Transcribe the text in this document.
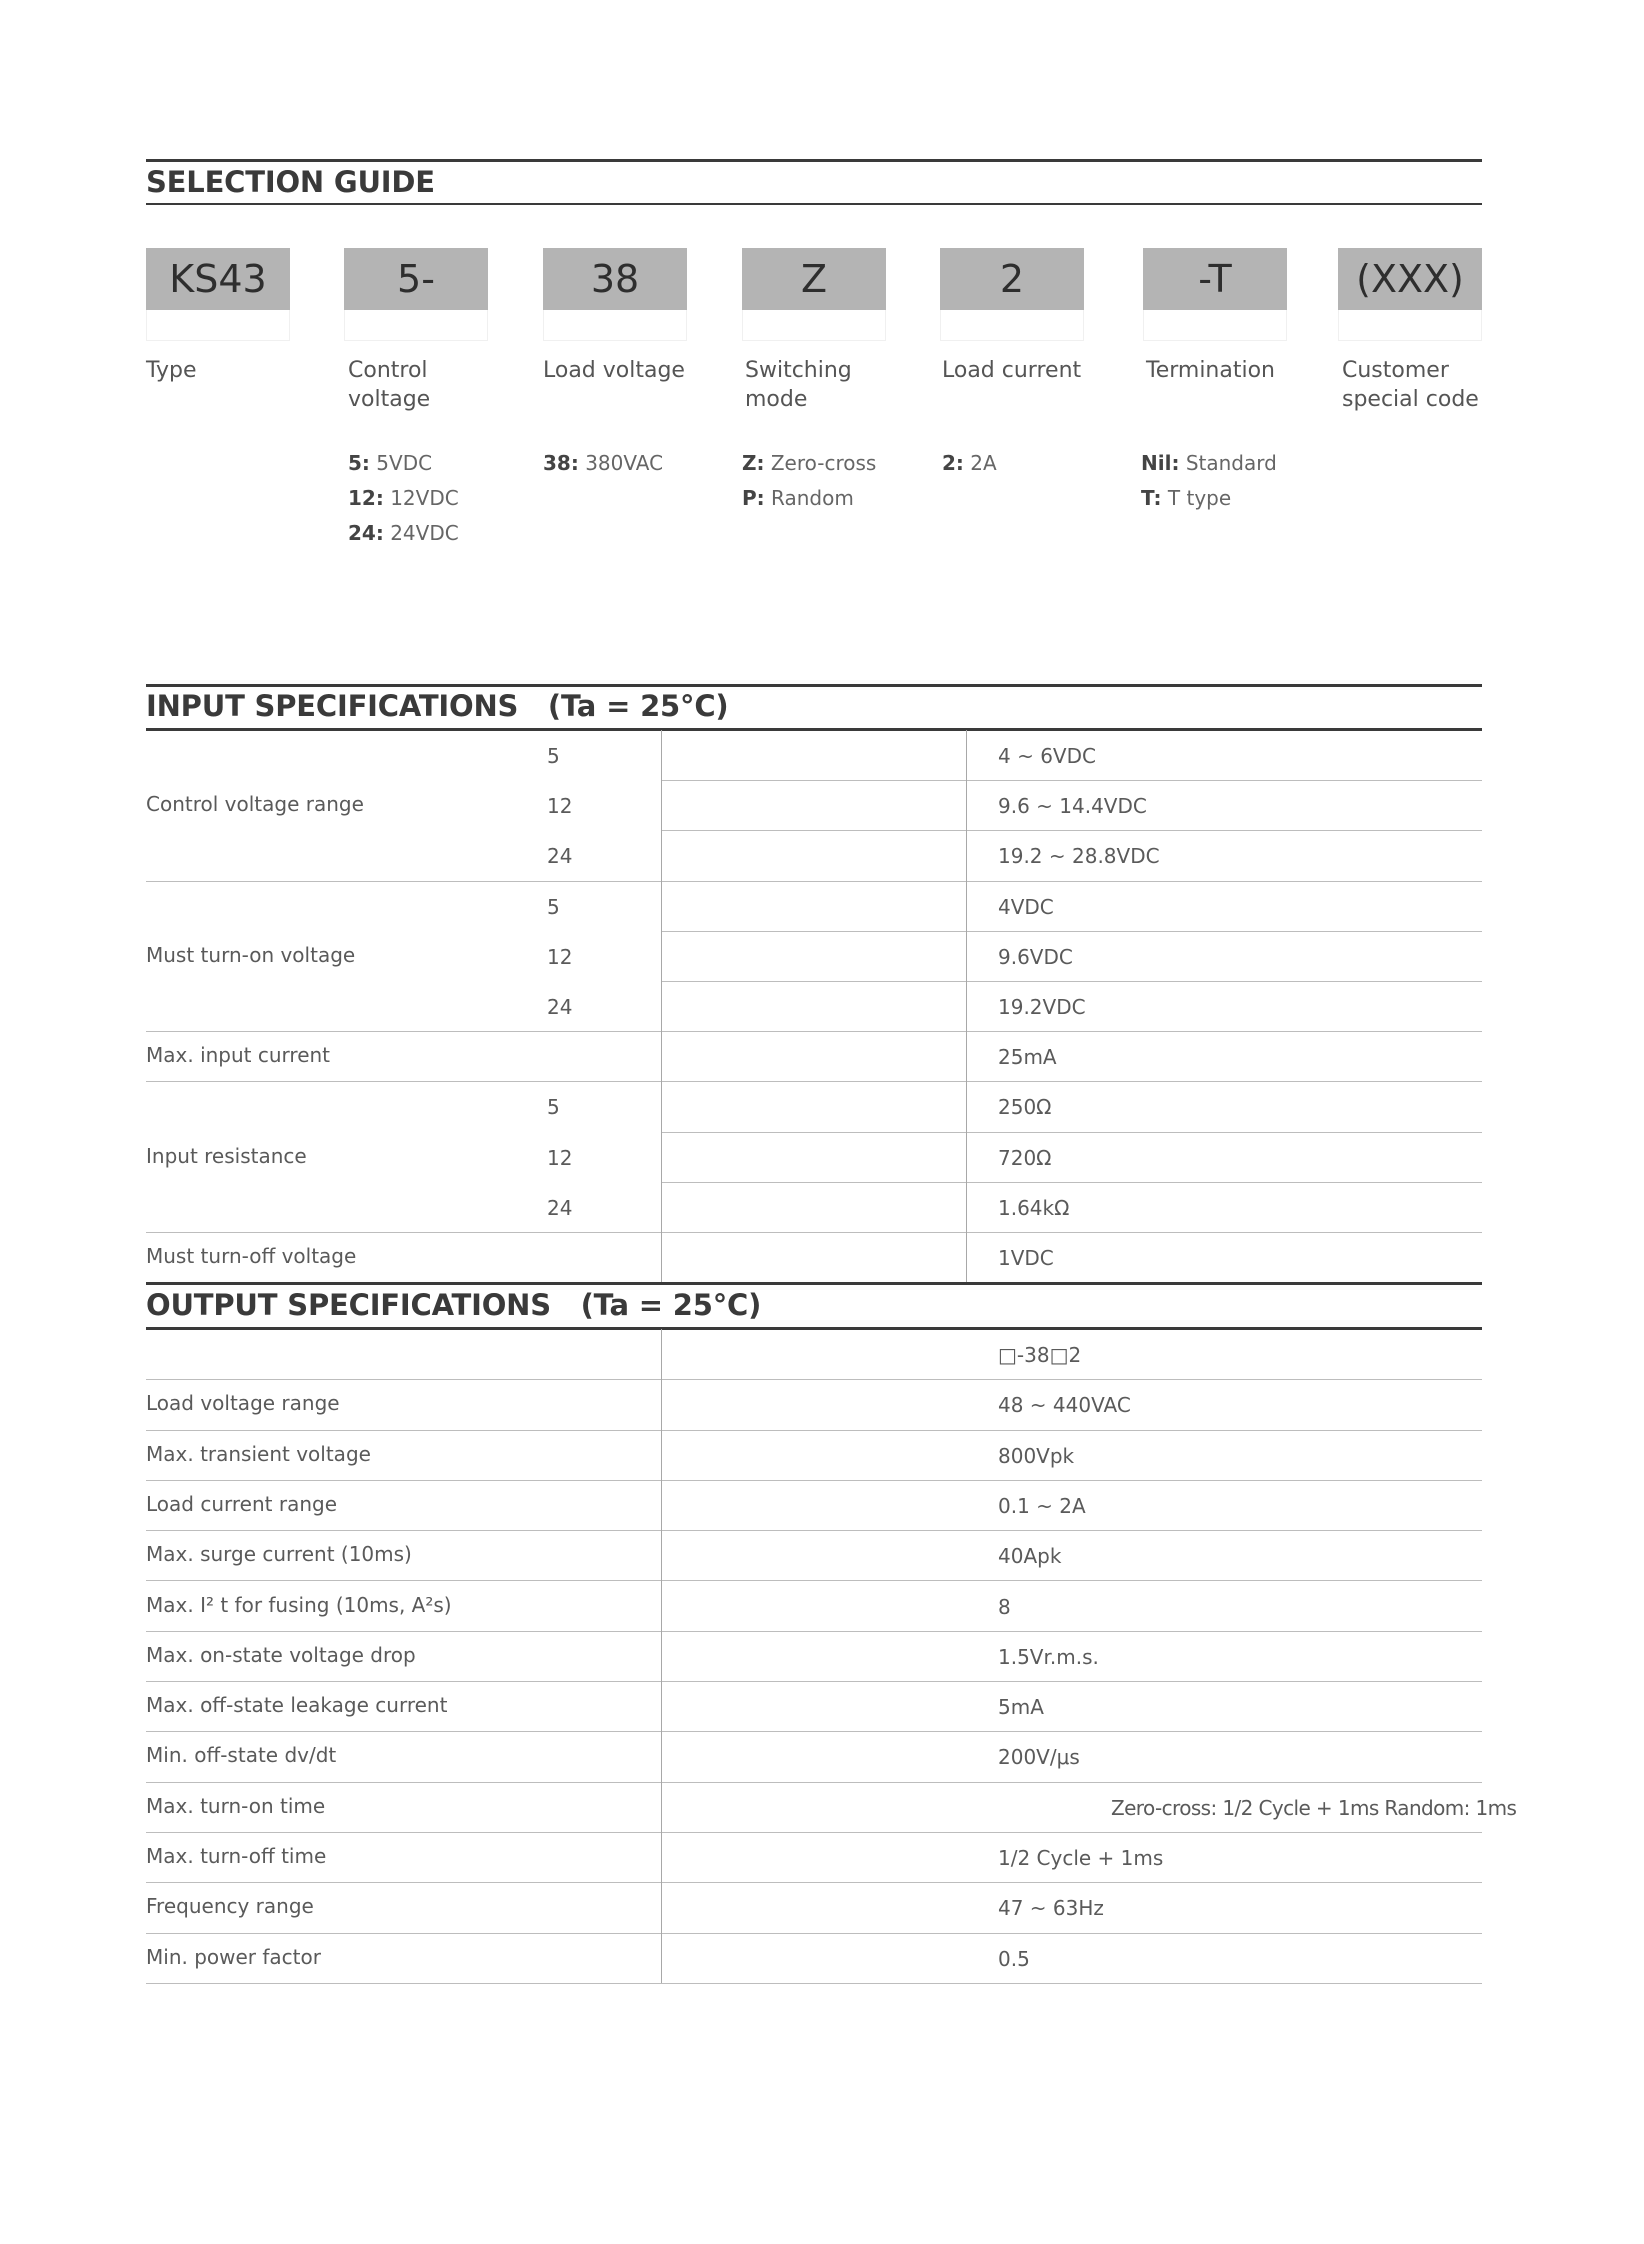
SELECTION GUIDE
KS43
Type
5-
Control voltage
5: 5VDC
12: 12VDC
24: 24VDC
38
Load voltage
38: 380VAC
Z
Switching mode
Z: Zero-cross
P: Random
2
Load current
2: 2A
-T
Termination
Nil: Standard
T: T type
(XXX)
Customer special code
INPUT SPECIFICATIONS   (Ta = 25°C)
Control voltage range
5	4 ~ 6VDC
12	9.6 ~ 14.4VDC
24	19.2 ~ 28.8VDC
Must turn-on voltage
5	4VDC
12	9.6VDC
24	19.2VDC
Max. input current	25mA
Input resistance
5	250Ω
12	720Ω
24	1.64kΩ
Must turn-off voltage	1VDC
OUTPUT SPECIFICATIONS   (Ta = 25°C)
□-38□2
Load voltage range	48 ~ 440VAC
Max. transient voltage	800Vpk
Load current range	0.1 ~ 2A
Max. surge current (10ms)	40Apk
Max. I² t for fusing (10ms, A²s)	8
Max. on-state voltage drop	1.5Vr.m.s.
Max. off-state leakage current	5mA
Min. off-state dv/dt	200V/μs
Max. turn-on time	Zero-cross: 1/2 Cycle + 1ms Random: 1ms
Max. turn-off time	1/2 Cycle + 1ms
Frequency range	47 ~ 63Hz
Min. power factor	0.5
